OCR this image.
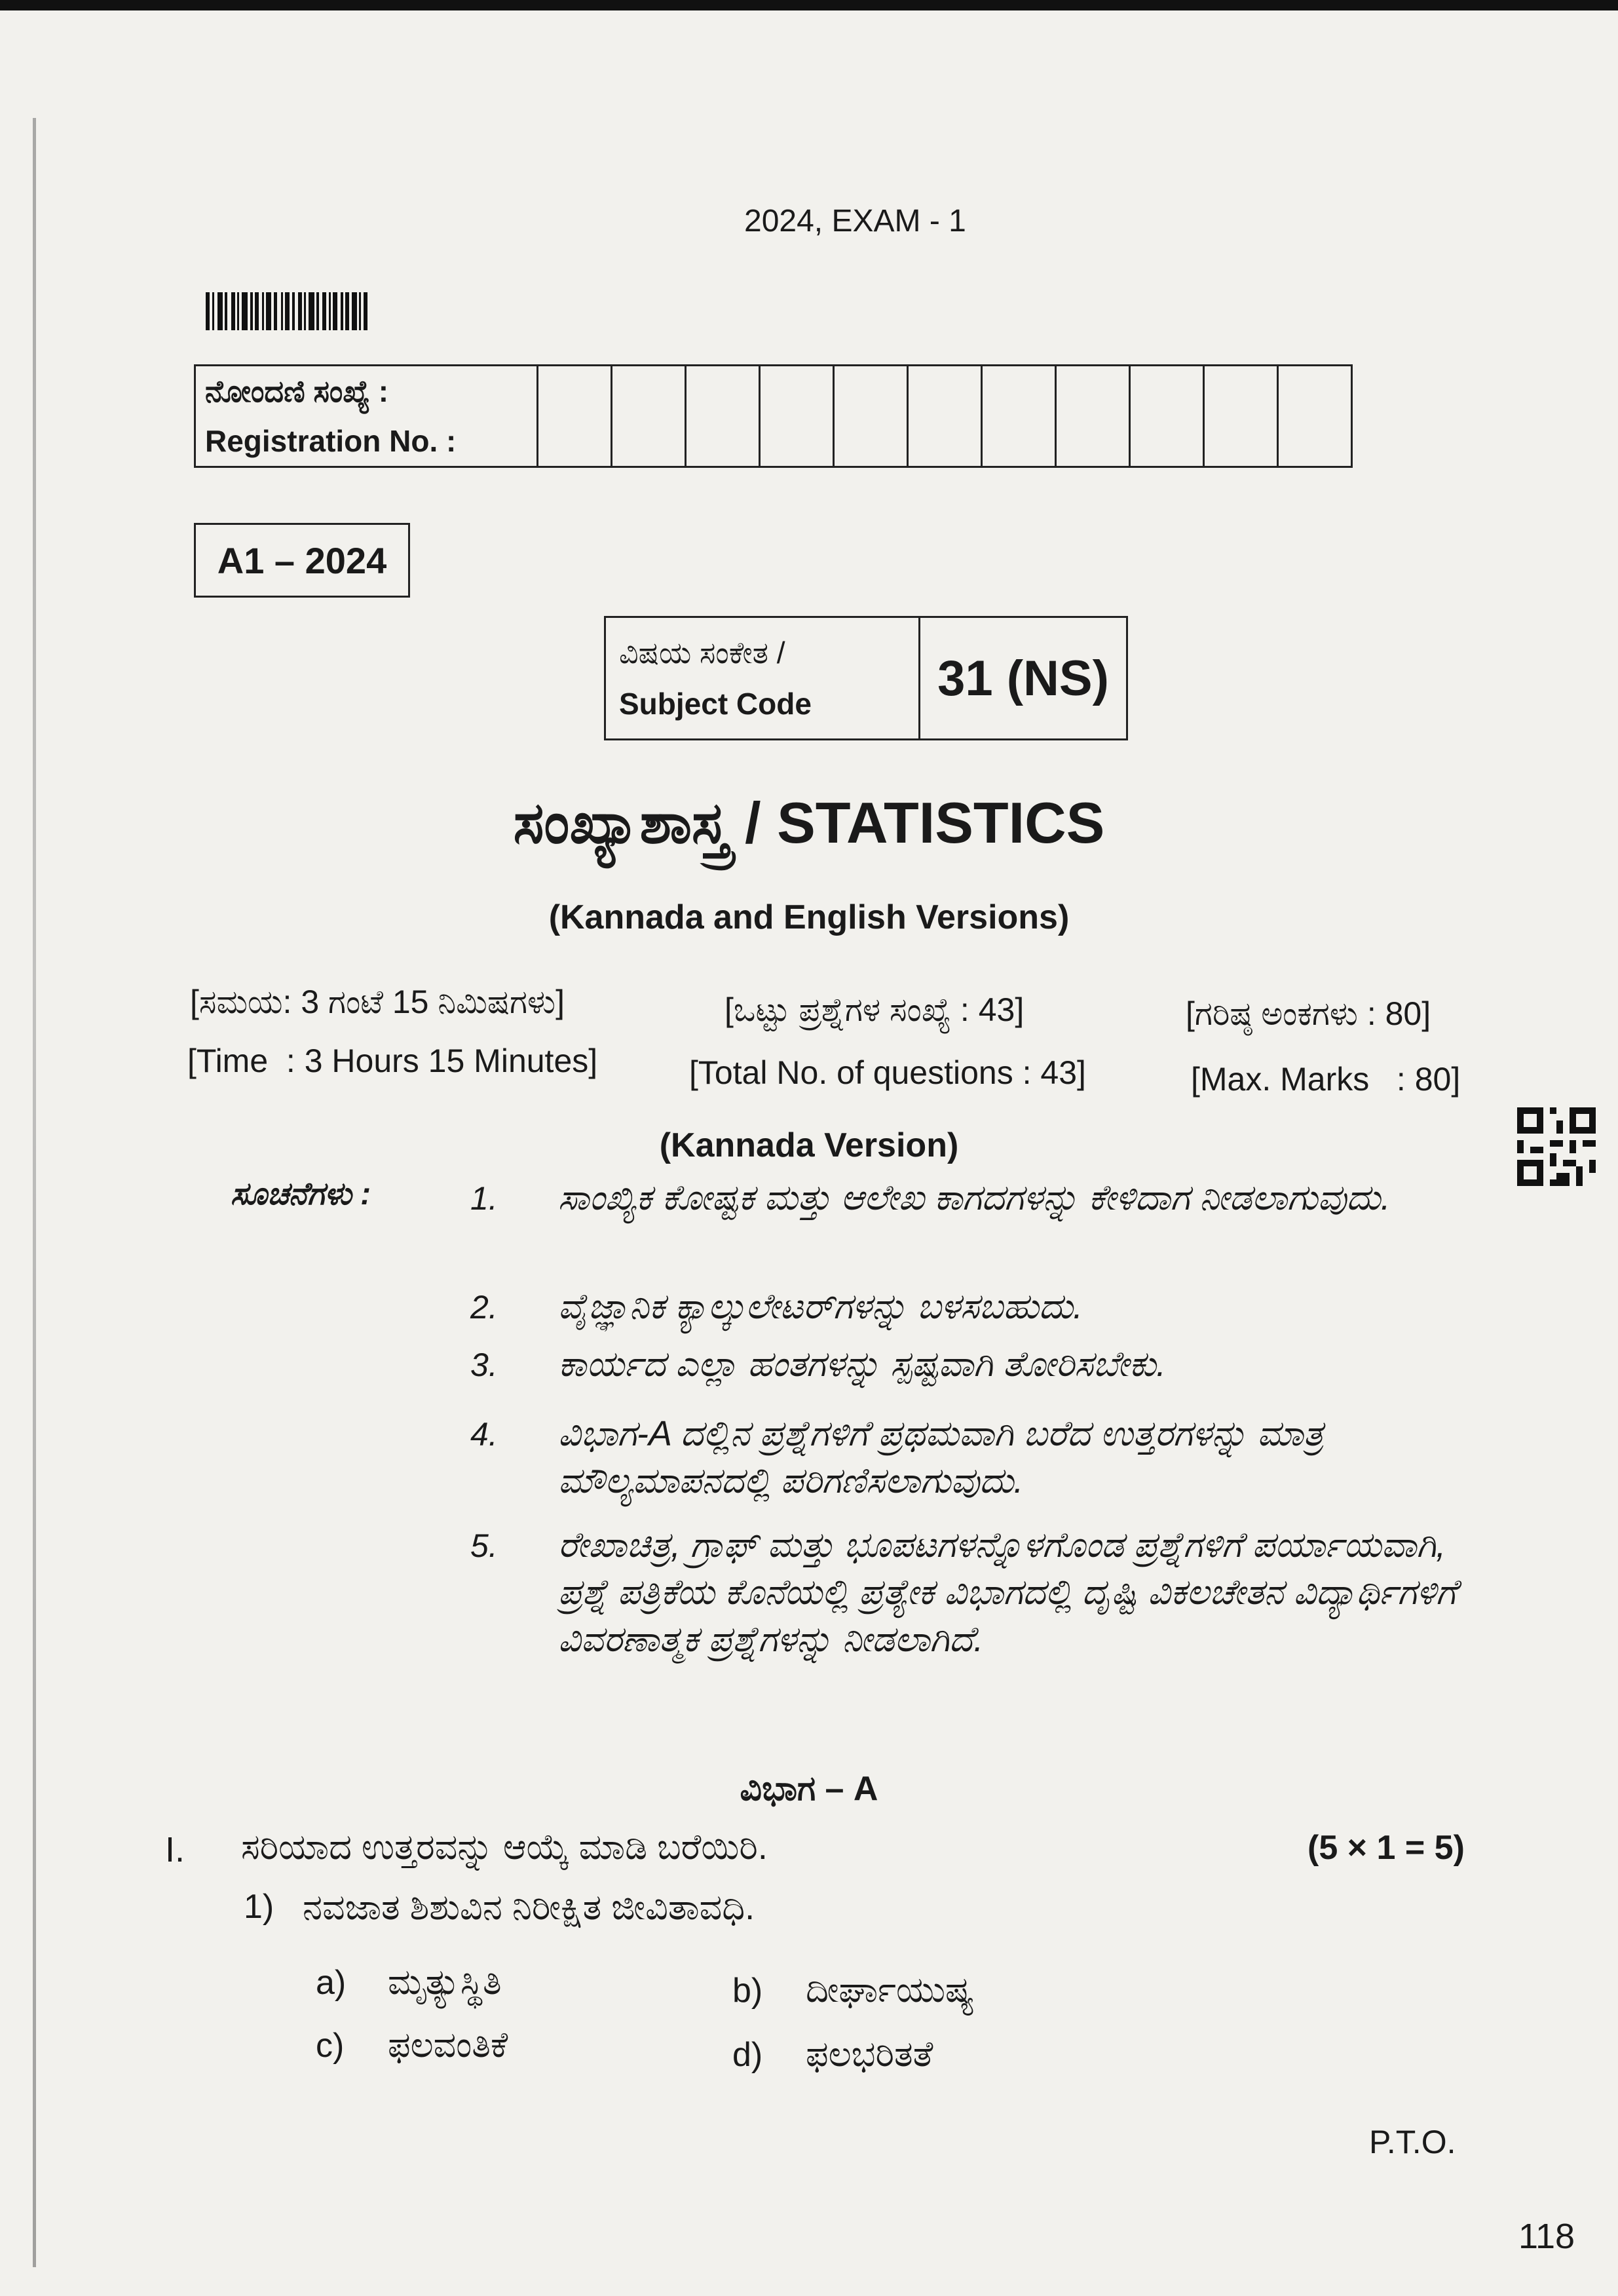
2024, EXAM - 1
ನೋಂದಣಿ ಸಂಖ್ಯೆ :
Registration No. :

A1 – 2024
ವಿಷಯ ಸಂಕೇತ /
Subject Code	31 (NS)
ಸಂಖ್ಯಾಶಾಸ್ತ್ರ / STATISTICS
(Kannada and English Versions)
[ಸಮಯ: 3 ಗಂಟೆ 15 ನಿಮಿಷಗಳು]	[ಒಟ್ಟು ಪ್ರಶ್ನೆಗಳ ಸಂಖ್ಯೆ : 43]	[ಗರಿಷ್ಠ ಅಂಕಗಳು : 80]
[Time  : 3 Hours 15 Minutes]	[Total No. of questions : 43]	[Max. Marks   : 80]
(Kannada Version)
ಸೂಚನೆಗಳು :	1. ಸಾಂಖ್ಯಿಕ ಕೋಷ್ಟಕ ಮತ್ತು ಆಲೇಖ ಕಾಗದಗಳನ್ನು ಕೇಳಿದಾಗ ನೀಡಲಾಗುವುದು.
2. ವೈಜ್ಞಾನಿಕ ಕ್ಯಾಲ್ಕುಲೇಟರ್‌ಗಳನ್ನು ಬಳಸಬಹುದು.
3. ಕಾರ್ಯದ ಎಲ್ಲಾ ಹಂತಗಳನ್ನು ಸ್ಪಷ್ಟವಾಗಿ ತೋರಿಸಬೇಕು.
4. ವಿಭಾಗ-A ದಲ್ಲಿನ ಪ್ರಶ್ನೆಗಳಿಗೆ ಪ್ರಥಮವಾಗಿ ಬರೆದ ಉತ್ತರಗಳನ್ನು ಮಾತ್ರ ಮೌಲ್ಯಮಾಪನದಲ್ಲಿ ಪರಿಗಣಿಸಲಾಗುವುದು.
5. ರೇಖಾಚಿತ್ರ, ಗ್ರಾಫ್ ಮತ್ತು ಭೂಪಟಗಳನ್ನೊಳಗೊಂಡ ಪ್ರಶ್ನೆಗಳಿಗೆ ಪರ್ಯಾಯವಾಗಿ, ಪ್ರಶ್ನೆ ಪತ್ರಿಕೆಯ ಕೊನೆಯಲ್ಲಿ ಪ್ರತ್ಯೇಕ ವಿಭಾಗದಲ್ಲಿ ದೃಷ್ಟಿ ವಿಕಲಚೇತನ ವಿದ್ಯಾರ್ಥಿಗಳಿಗೆ ವಿವರಣಾತ್ಮಕ ಪ್ರಶ್ನೆಗಳನ್ನು ನೀಡಲಾಗಿದೆ.
ವಿಭಾಗ – A
I. ಸರಿಯಾದ ಉತ್ತರವನ್ನು ಆಯ್ಕೆ ಮಾಡಿ ಬರೆಯಿರಿ.	(5 × 1 = 5)
1) ನವಜಾತ ಶಿಶುವಿನ ನಿರೀಕ್ಷಿತ ಜೀವಿತಾವಧಿ.
a) ಮೃತ್ಯುಸ್ಥಿತಿ	b) ದೀರ್ಘಾಯುಷ್ಯ
c) ಫಲವಂತಿಕೆ	d) ಫಲಭರಿತತೆ
P.T.O.
118
